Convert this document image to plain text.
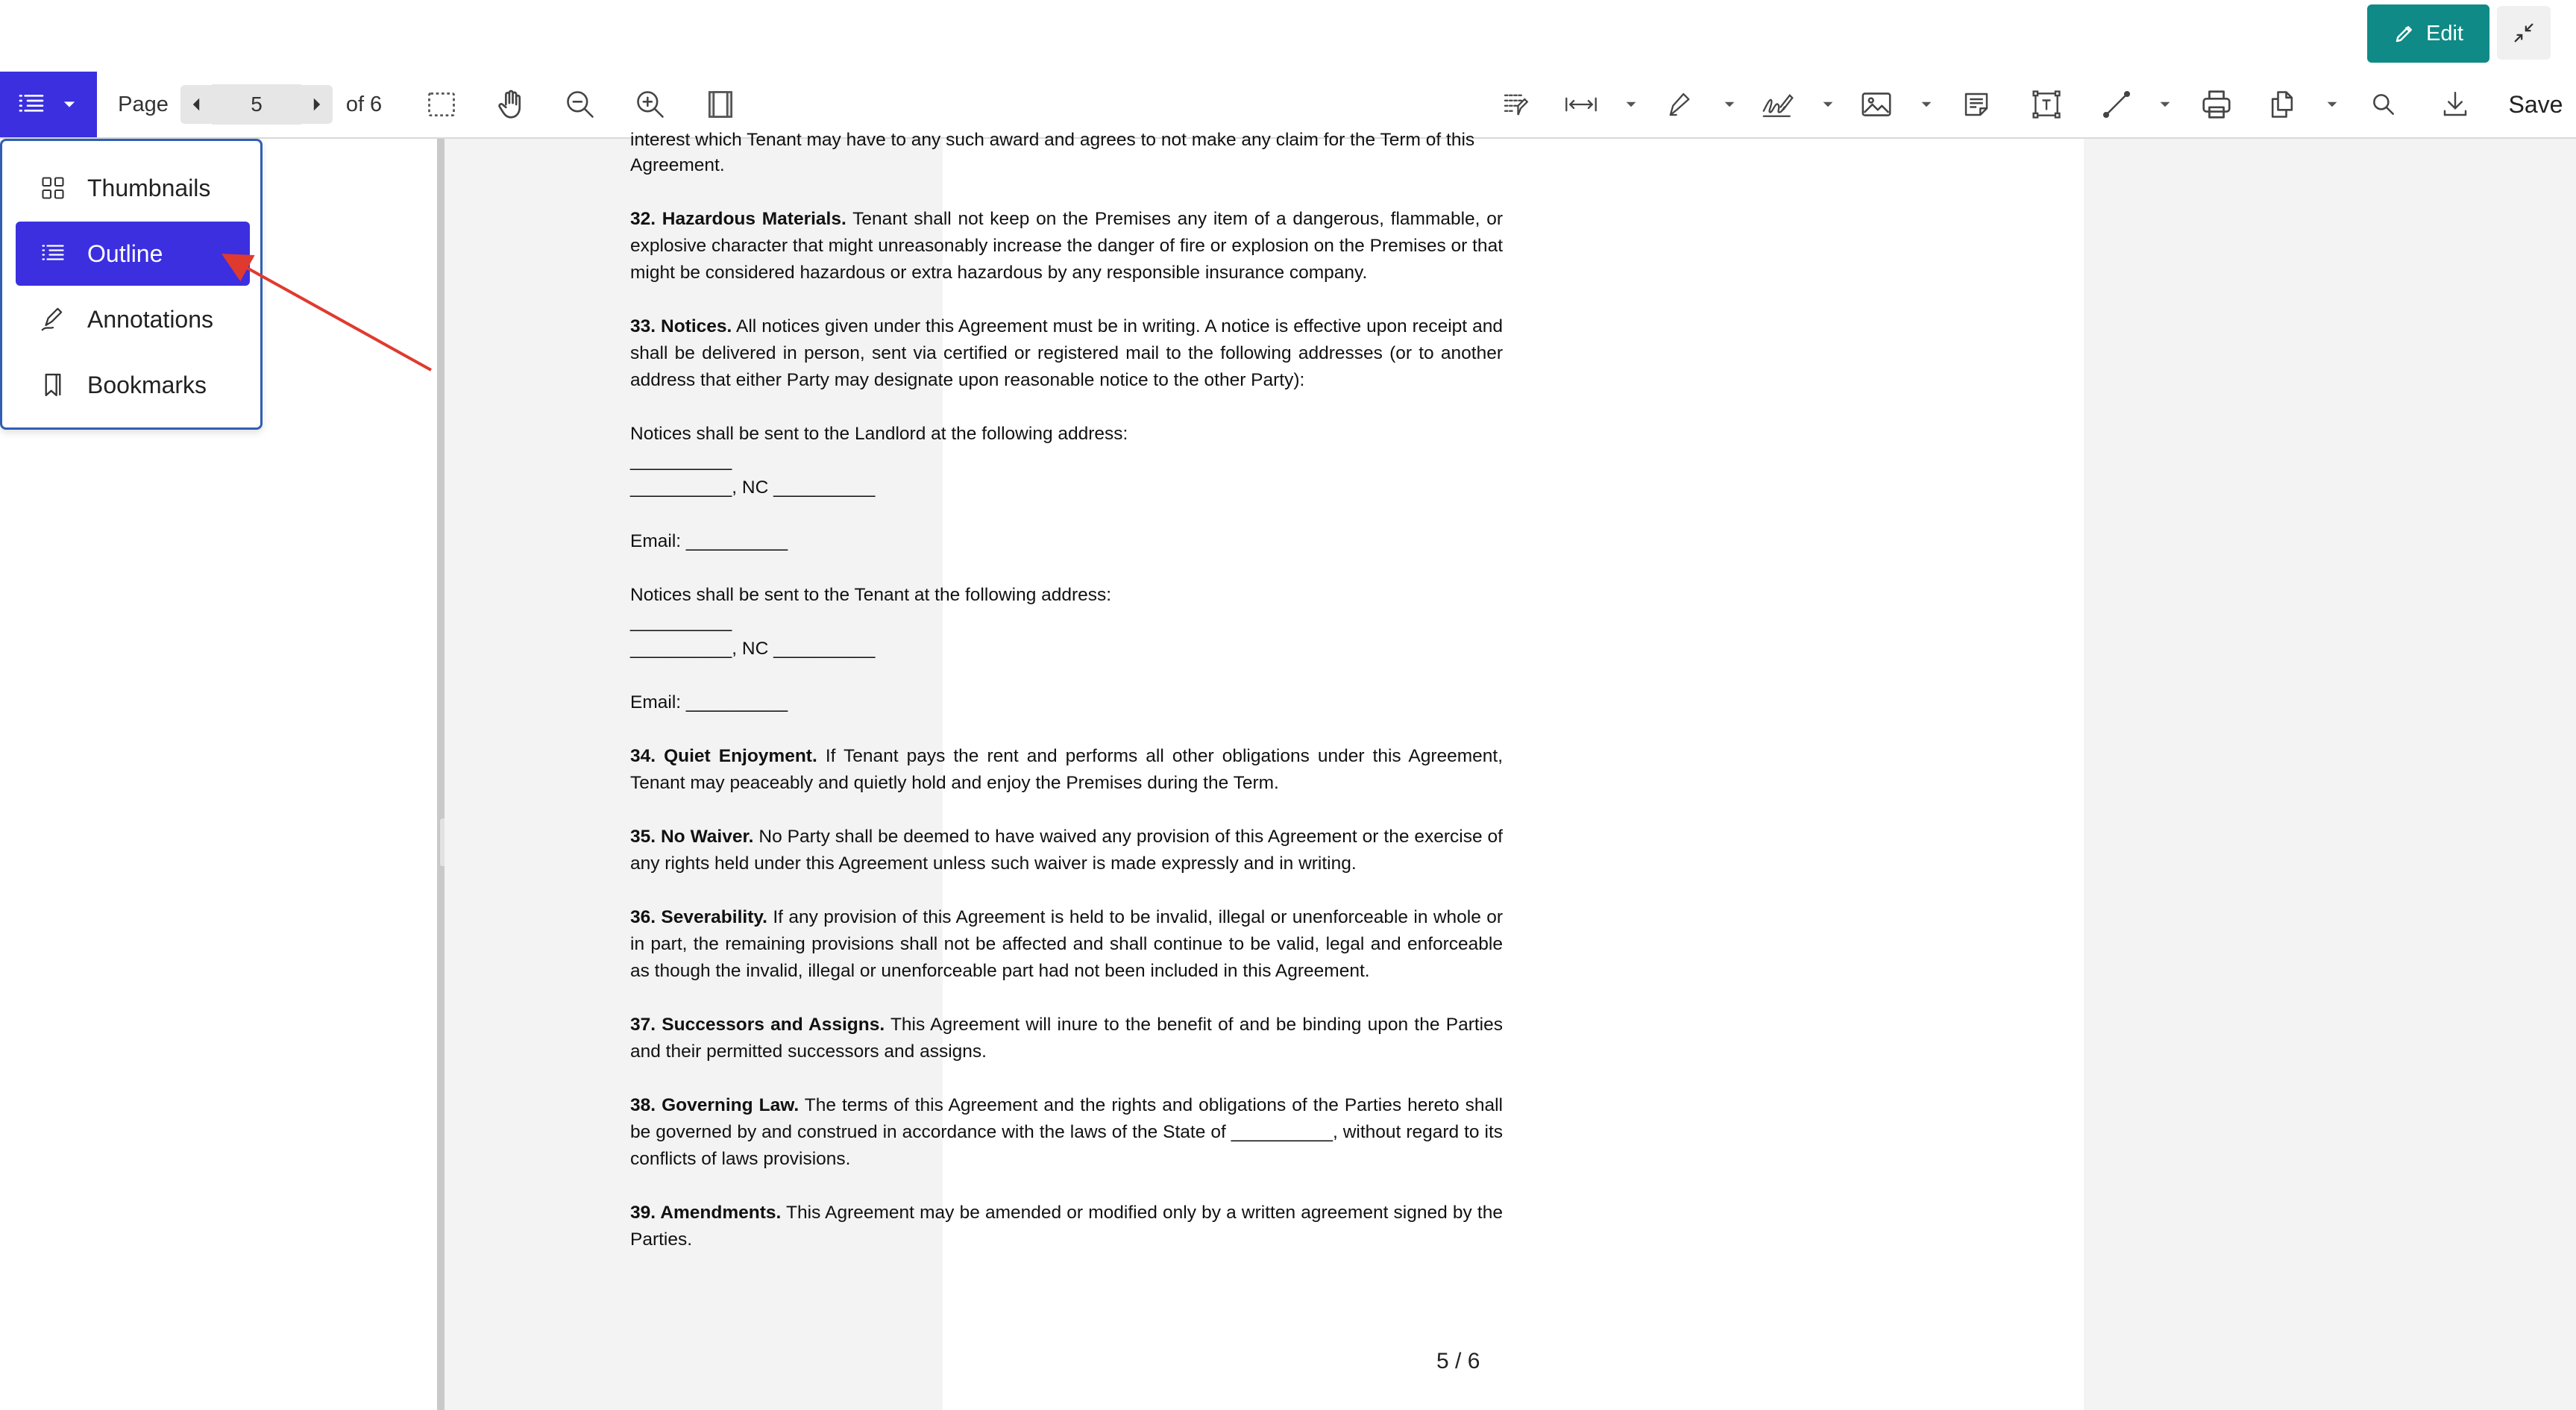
Edit
Page
5	of 6	Save
interest which Tenant may have to any such award and agrees to not make any claim for the Term of this
Agreement.
32. Hazardous Materials. Tenant shall not keep on the Premises any item of a dangerous, flammable, or explosive character that might unreasonably increase the danger of fire or explosion on the Premises or that might be considered hazardous or extra hazardous by any responsible insurance company.
33. Notices. All notices given under this Agreement must be in writing. A notice is effective upon receipt and shall be delivered in person, sent via certified or registered mail to the following addresses (or to another address that either Party may designate upon reasonable notice to the other Party):
Notices shall be sent to the Landlord at the following address:
__________
__________, NC __________
Email: __________
Notices shall be sent to the Tenant at the following address:
__________
__________, NC __________
Email: __________
34. Quiet Enjoyment. If Tenant pays the rent and performs all other obligations under this Agreement, Tenant may peaceably and quietly hold and enjoy the Premises during the Term.
35. No Waiver. No Party shall be deemed to have waived any provision of this Agreement or the exercise of any rights held under this Agreement unless such waiver is made expressly and in writing.
36. Severability. If any provision of this Agreement is held to be invalid, illegal or unenforceable in whole or in part, the remaining provisions shall not be affected and shall continue to be valid, legal and enforceable as though the invalid, illegal or unenforceable part had not been included in this Agreement.
37. Successors and Assigns. This Agreement will inure to the benefit of and be binding upon the Parties and their permitted successors and assigns.
38. Governing Law. The terms of this Agreement and the rights and obligations of the Parties hereto shall be governed by and construed in accordance with the laws of the State of __________, without regard to its conflicts of laws provisions.
39. Amendments. This Agreement may be amended or modified only by a written agreement signed by the Parties.
5 / 6
Thumbnails
Outline
Annotations
Bookmarks
